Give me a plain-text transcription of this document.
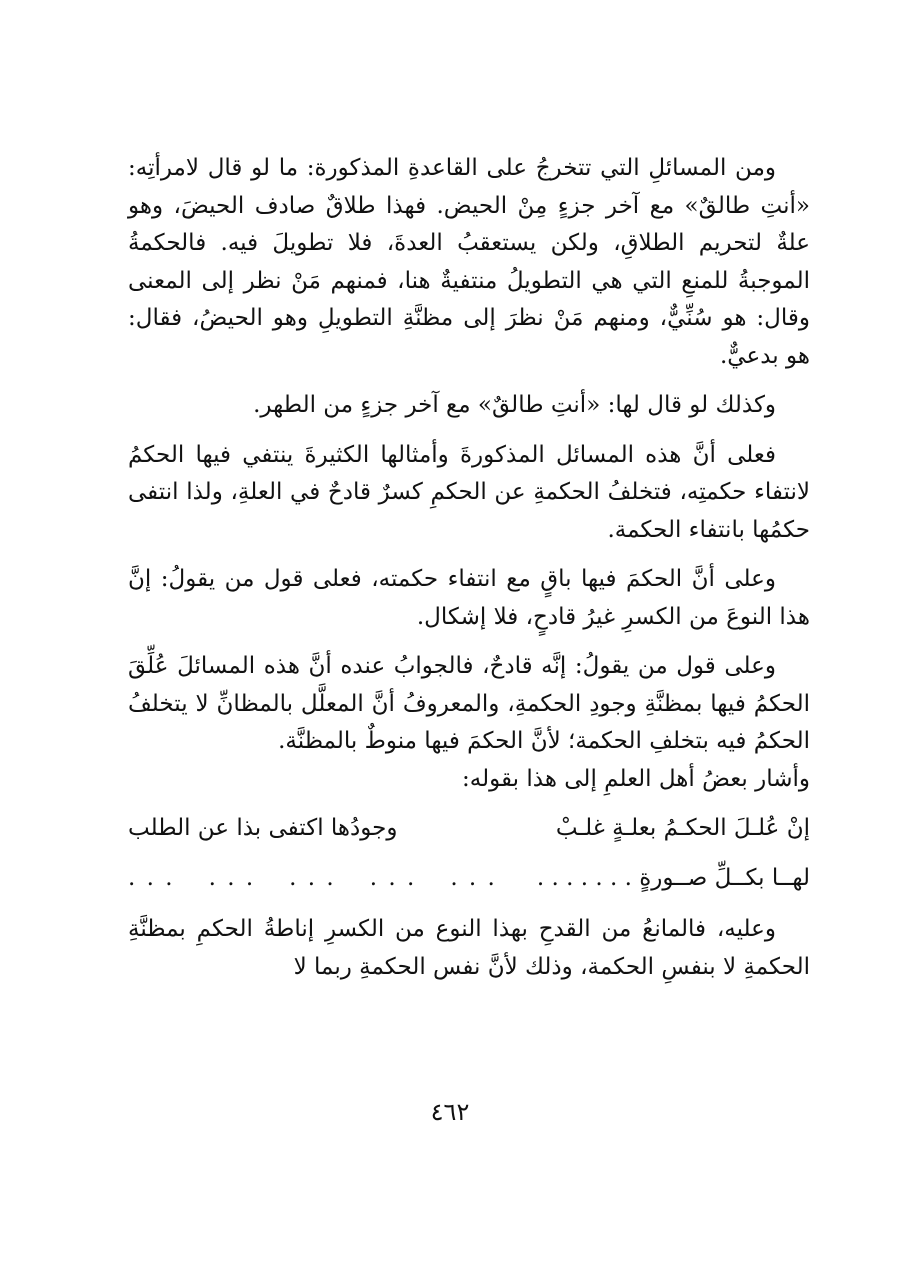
ومن المسائلِ التي تتخرجُ على القاعدةِ المذكورة: ما لو قال لامرأتِه: «أنتِ طالقٌ» مع آخر جزءٍ مِنْ الحيض. فهذا طلاقٌ صادف الحيضَ، وهو علةٌ لتحريم الطلاقِ، ولكن يستعقبُ العدةَ، فلا تطويلَ فيه. فالحكمةُ الموجبةُ للمنعِ التي هي التطويلُ منتفيةٌ هنا، فمنهم مَنْ نظر إلى المعنى وقال: هو سُنِّيٌّ، ومنهم مَنْ نظرَ إلى مظنَّةِ التطويلِ وهو الحيضُ، فقال: هو بدعيٌّ.

وكذلك لو قال لها: «أنتِ طالقٌ» مع آخر جزءٍ من الطهر.

فعلى أنَّ هذه المسائل المذكورةَ وأمثالها الكثيرةَ ينتفي فيها الحكمُ لانتفاء حكمتِه، فتخلفُ الحكمةِ عن الحكمِ كسرٌ قادحٌ في العلةِ، ولذا انتفى حكمُها بانتفاء الحكمة.

وعلى أنَّ الحكمَ فيها باقٍ مع انتفاء حكمته، فعلى قول من يقولُ: إنَّ هذا النوعَ من الكسرِ غيرُ قادحٍ، فلا إشكال.

وعلى قول من يقولُ: إنَّه قادحٌ، فالجوابُ عنده أنَّ هذه المسائلَ عُلِّقَ الحكمُ فيها بمظنَّةِ وجودِ الحكمةِ، والمعروفُ أنَّ المعلَّل بالمظانِّ لا يتخلفُ الحكمُ فيه بتخلفِ الحكمة؛ لأنَّ الحكمَ فيها منوطٌ بالمظنَّة.

وأشار بعضُ أهل العلمِ إلى هذا بقوله:

إنْ عُلـلَ الحكـمُ بعلـةٍ غلـبْ
وجودُها اكتفى بذا عن الطلب
لهــا بكــلِّ صــورةٍ . . . . . . .
. . .
. . .
. . .
. . .
. . .

وعليه، فالمانعُ من القدحِ بهذا النوع من الكسرِ إناطةُ الحكمِ بمظنَّةِ الحكمةِ لا بنفسِ الحكمة، وذلك لأنَّ نفس الحكمةِ ربما لا

٤٦٢
